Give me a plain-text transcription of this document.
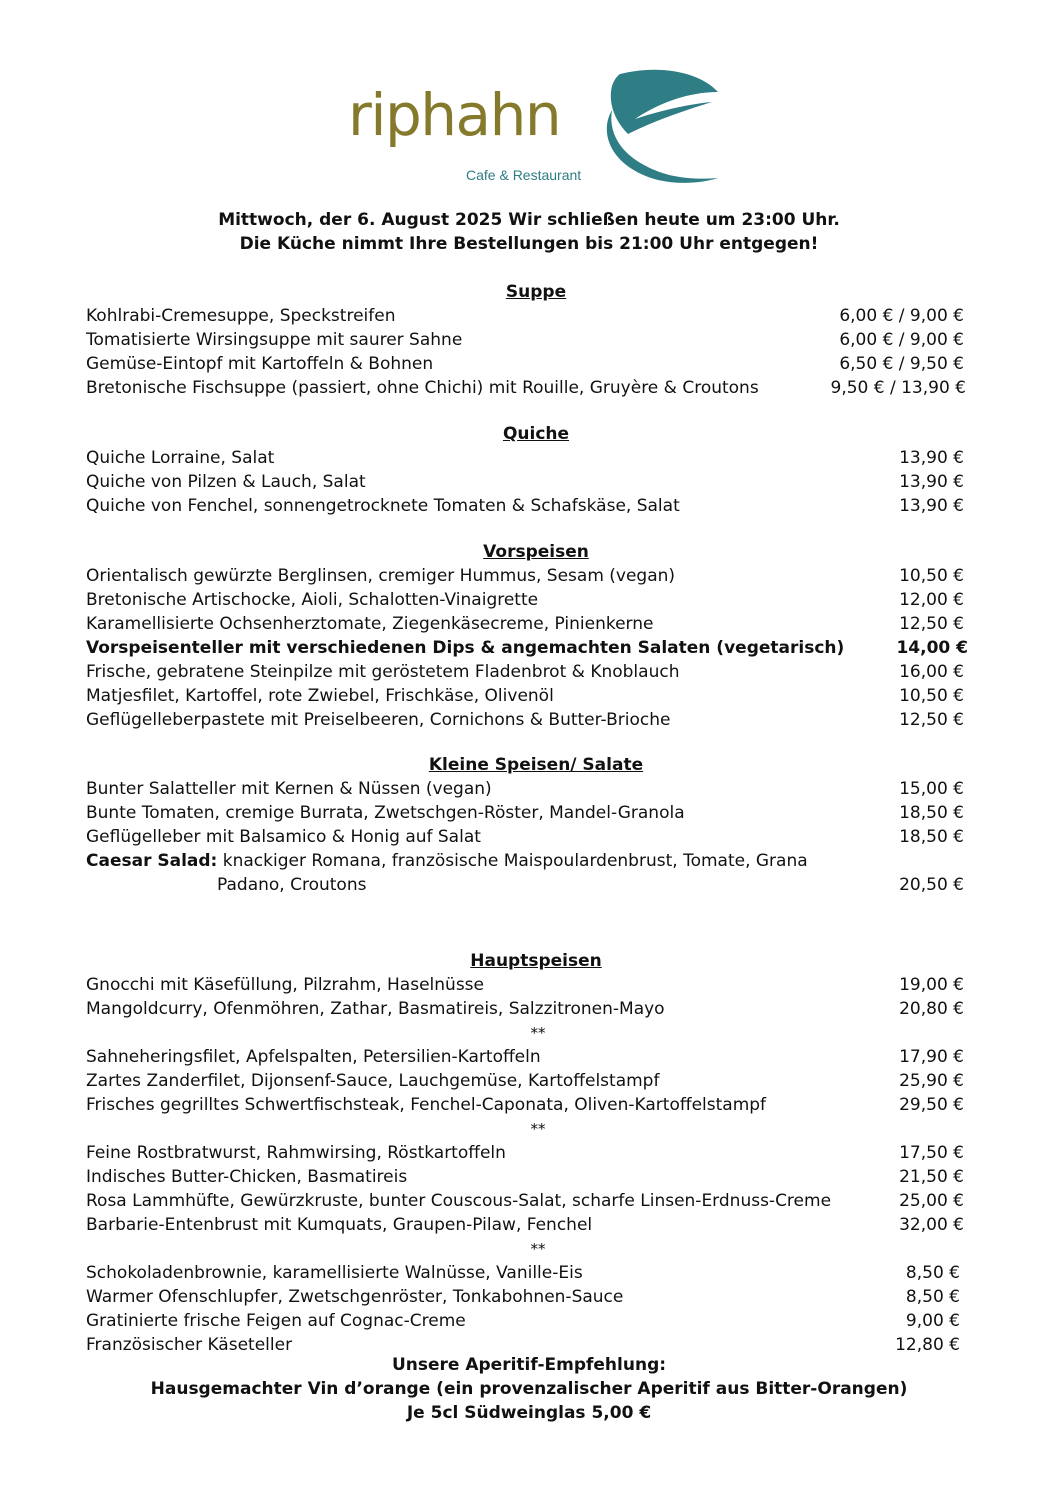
riphahn
Cafe & Restaurant
Mittwoch, der 6. August 2025 Wir schließen heute um 23:00 Uhr.
Die Küche nimmt Ihre Bestellungen bis 21:00 Uhr entgegen!
Suppe
Kohlrabi-Cremesuppe, Speckstreifen	6,00 € / 9,00 €
Tomatisierte Wirsingsuppe mit saurer Sahne	6,00 € / 9,00 €
Gemüse-Eintopf mit Kartoffeln & Bohnen	6,50 € / 9,50 €
Bretonische Fischsuppe (passiert, ohne Chichi) mit Rouille, Gruyère & Croutons	9,50 € / 13,90 €
Quiche
Quiche Lorraine, Salat	13,90 €
Quiche von Pilzen & Lauch, Salat	13,90 €
Quiche von Fenchel, sonnengetrocknete Tomaten & Schafskäse, Salat	13,90 €
Vorspeisen
Orientalisch gewürzte Berglinsen, cremiger Hummus, Sesam (vegan)	10,50 €
Bretonische Artischocke, Aioli, Schalotten-Vinaigrette	12,00 €
Karamellisierte Ochsenherztomate, Ziegenkäsecreme, Pinienkerne	12,50 €
Vorspeisenteller mit verschiedenen Dips & angemachten Salaten (vegetarisch)	14,00 €
Frische, gebratene Steinpilze mit geröstetem Fladenbrot & Knoblauch	16,00 €
Matjesfilet, Kartoffel, rote Zwiebel, Frischkäse, Olivenöl	10,50 €
Geflügelleberpastete mit Preiselbeeren, Cornichons & Butter-Brioche	12,50 €
Kleine Speisen/ Salate
Bunter Salatteller mit Kernen & Nüssen (vegan)	15,00 €
Bunte Tomaten, cremige Burrata, Zwetschgen-Röster, Mandel-Granola	18,50 €
Geflügelleber mit Balsamico & Honig auf Salat	18,50 €
Caesar Salad: knackiger Romana, französische Maispoulardenbrust, Tomate, Grana
Padano, Croutons	20,50 €
Hauptspeisen
Gnocchi mit Käsefüllung, Pilzrahm, Haselnüsse	19,00 €
Mangoldcurry, Ofenmöhren, Zathar, Basmatireis, Salzzitronen-Mayo	20,80 €
**
Sahneheringsfilet, Apfelspalten, Petersilien-Kartoffeln	17,90 €
Zartes Zanderfilet, Dijonsenf-Sauce, Lauchgemüse, Kartoffelstampf	25,90 €
Frisches gegrilltes Schwertfischsteak, Fenchel-Caponata, Oliven-Kartoffelstampf	29,50 €
**
Feine Rostbratwurst, Rahmwirsing, Röstkartoffeln	17,50 €
Indisches Butter-Chicken, Basmatireis	21,50 €
Rosa Lammhüfte, Gewürzkruste, bunter Couscous-Salat, scharfe Linsen-Erdnuss-Creme	25,00 €
Barbarie-Entenbrust mit Kumquats, Graupen-Pilaw, Fenchel	32,00 €
**
Schokoladenbrownie, karamellisierte Walnüsse, Vanille-Eis	8,50 €
Warmer Ofenschlupfer, Zwetschgenröster, Tonkabohnen-Sauce	8,50 €
Gratinierte frische Feigen auf Cognac-Creme	9,00 €
Französischer Käseteller	12,80 €
Unsere Aperitif-Empfehlung:
Hausgemachter Vin d’orange (ein provenzalischer Aperitif aus Bitter-Orangen)
Je 5cl Südweinglas 5,00 €
